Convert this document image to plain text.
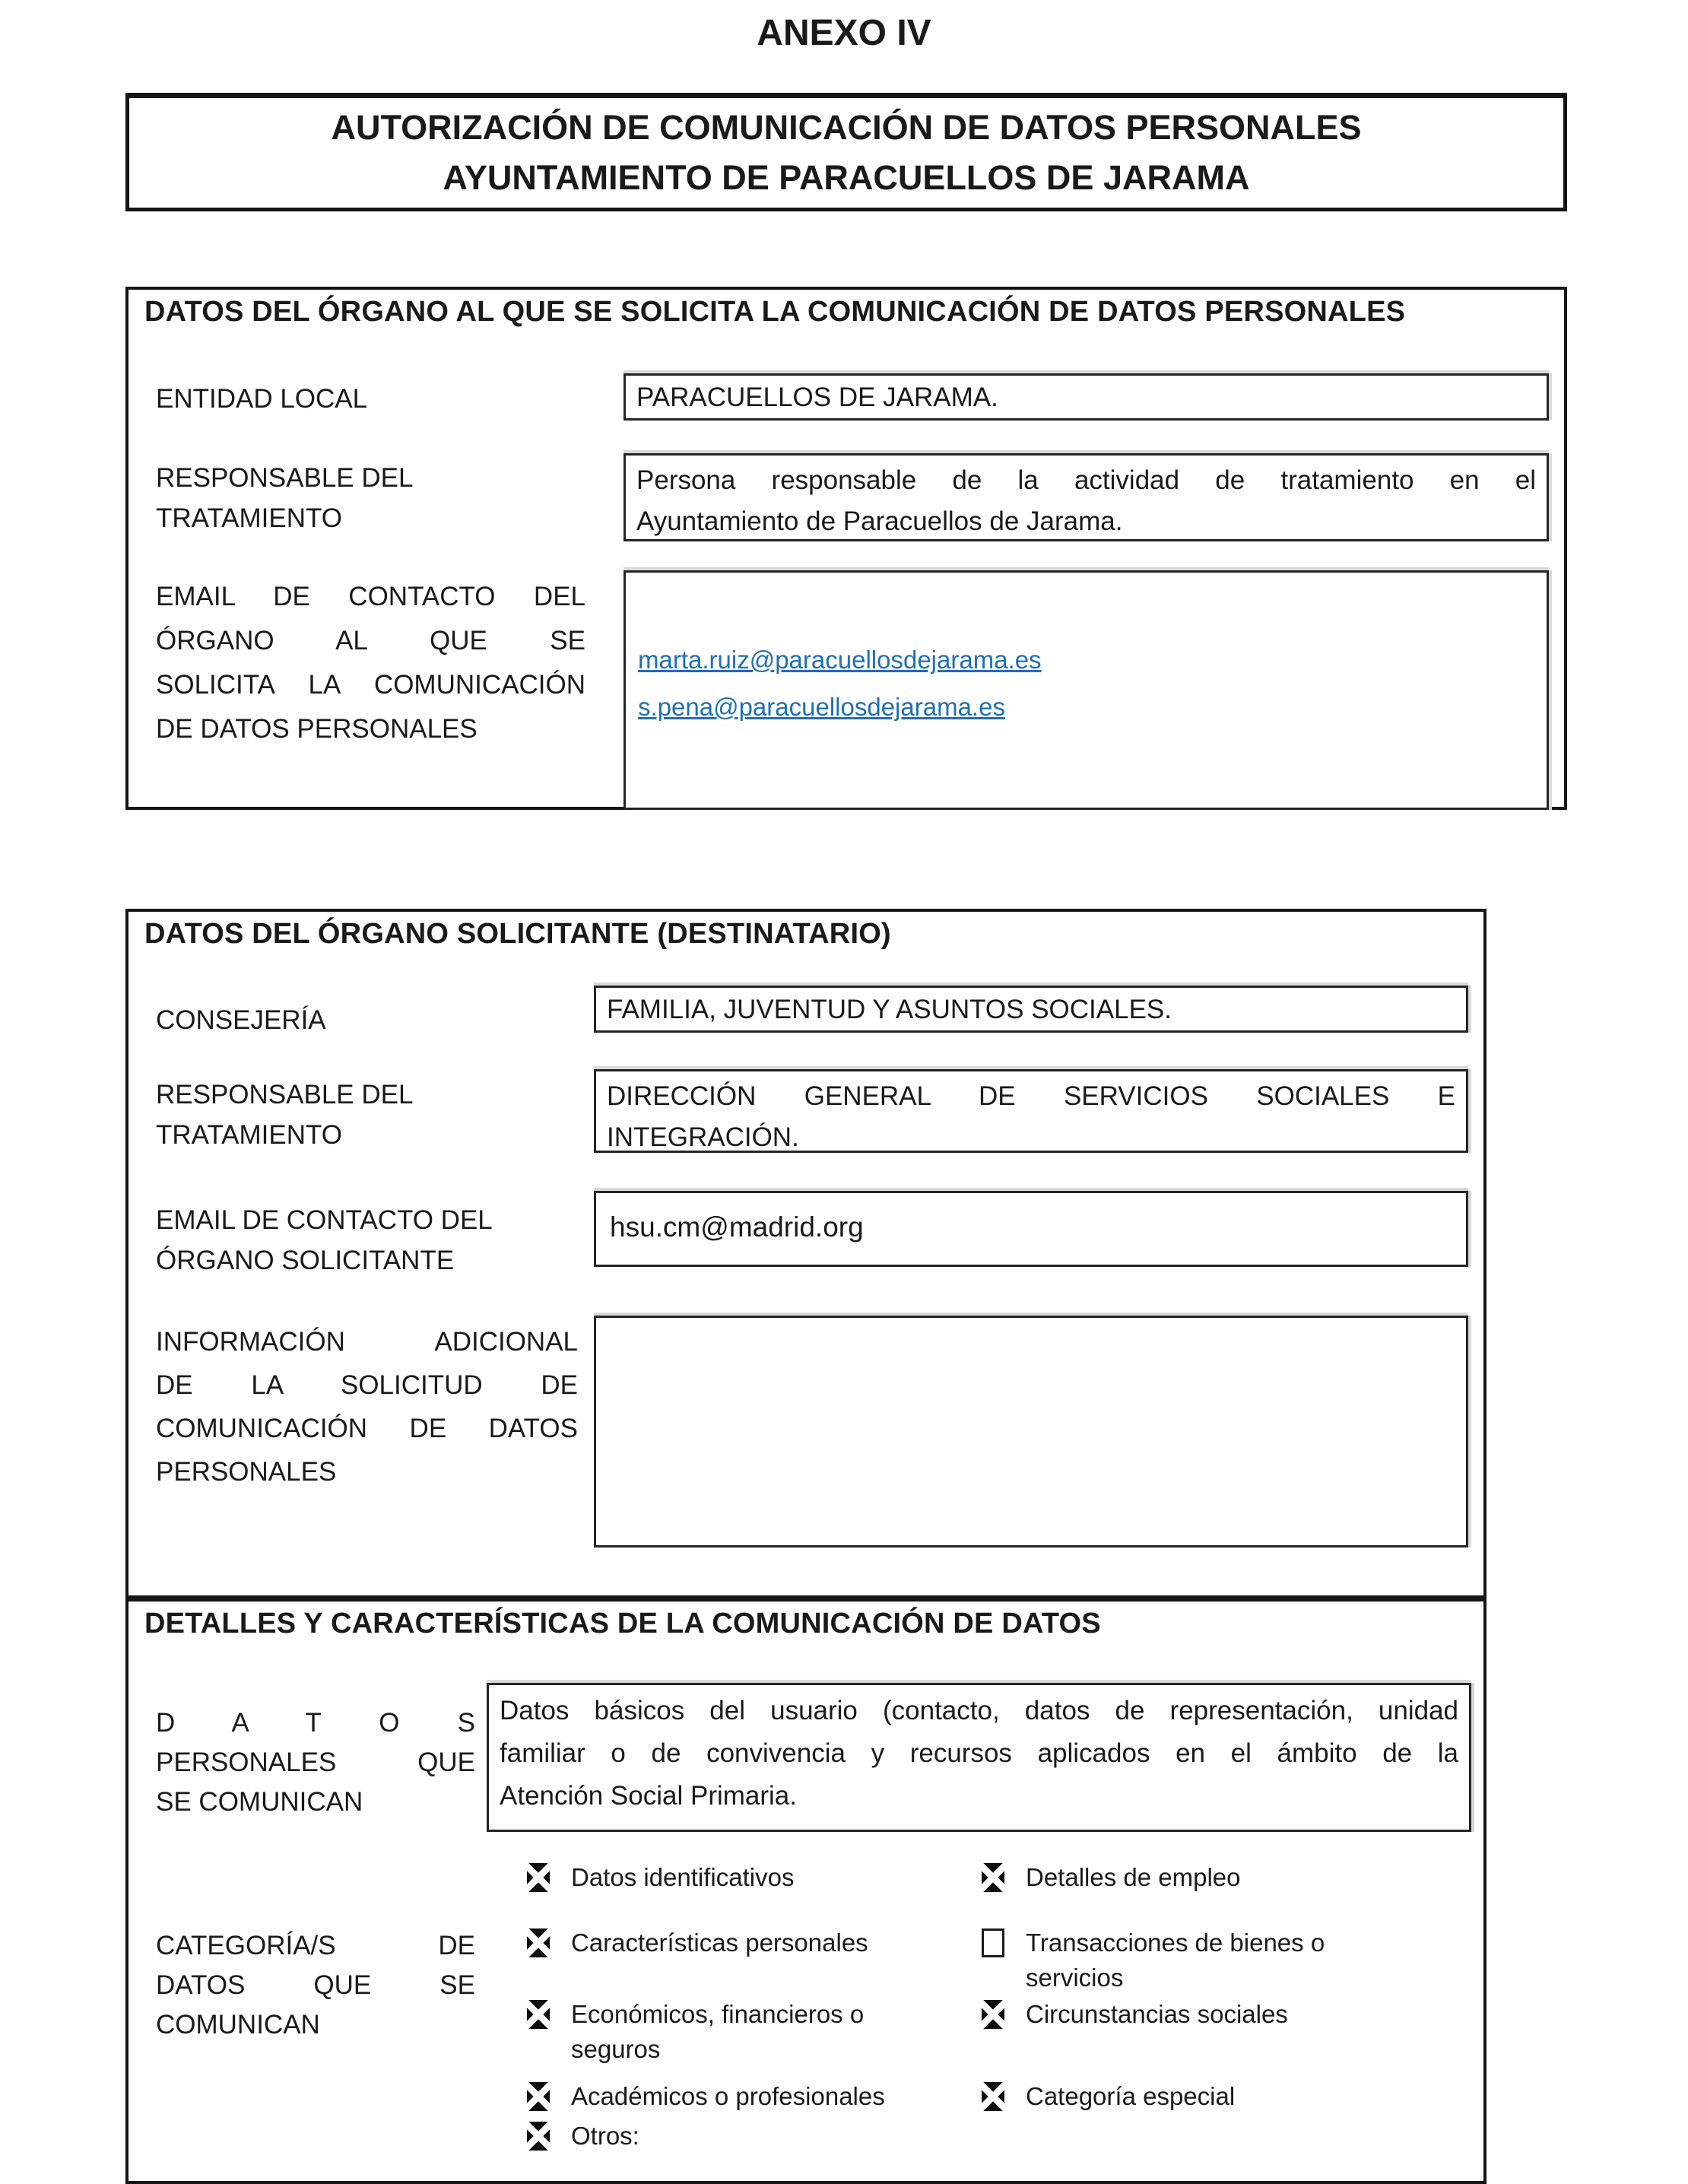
ANEXO IV
AUTORIZACIÓN DE COMUNICACIÓN DE DATOS PERSONALES
AYUNTAMIENTO DE PARACUELLOS DE JARAMA
DATOS DEL ÓRGANO AL QUE SE SOLICITA LA COMUNICACIÓN DE DATOS PERSONALES
ENTIDAD LOCAL	PARACUELLOS DE JARAMA.
RESPONSABLE DEL
TRATAMIENTO
Persona responsable de la actividad de tratamiento en el
Ayuntamiento de Paracuellos de Jarama.
EMAIL DE CONTACTO DEL
ÓRGANO AL QUE SE
SOLICITA LA COMUNICACIÓN
DE DATOS PERSONALES
marta.ruiz@paracuellosdejarama.es
s.pena@paracuellosdejarama.es
DATOS DEL ÓRGANO SOLICITANTE (DESTINATARIO)
CONSEJERÍA	FAMILIA, JUVENTUD Y ASUNTOS SOCIALES.
RESPONSABLE DEL
TRATAMIENTO
DIRECCIÓN GENERAL DE SERVICIOS SOCIALES E
INTEGRACIÓN.
EMAIL DE CONTACTO DEL
ÓRGANO SOLICITANTE
hsu.cm@madrid.org
INFORMACIÓN ADICIONAL
DE LA SOLICITUD DE
COMUNICACIÓN DE DATOS
PERSONALES
DETALLES Y CARACTERÍSTICAS DE LA COMUNICACIÓN DE DATOS
D A T O S
PERSONALES QUE
SE COMUNICAN
Datos básicos del usuario (contacto, datos de representación, unidad
familiar o de convivencia y recursos aplicados en el ámbito de la
Atención Social Primaria.
CATEGORÍA/S DE
DATOS QUE SE
COMUNICAN
Datos identificativos
Características personales
Económicos, financieros o seguros
Académicos o profesionales
Otros:
Detalles de empleo
Transacciones de bienes o servicios
Circunstancias sociales
Categoría especial
